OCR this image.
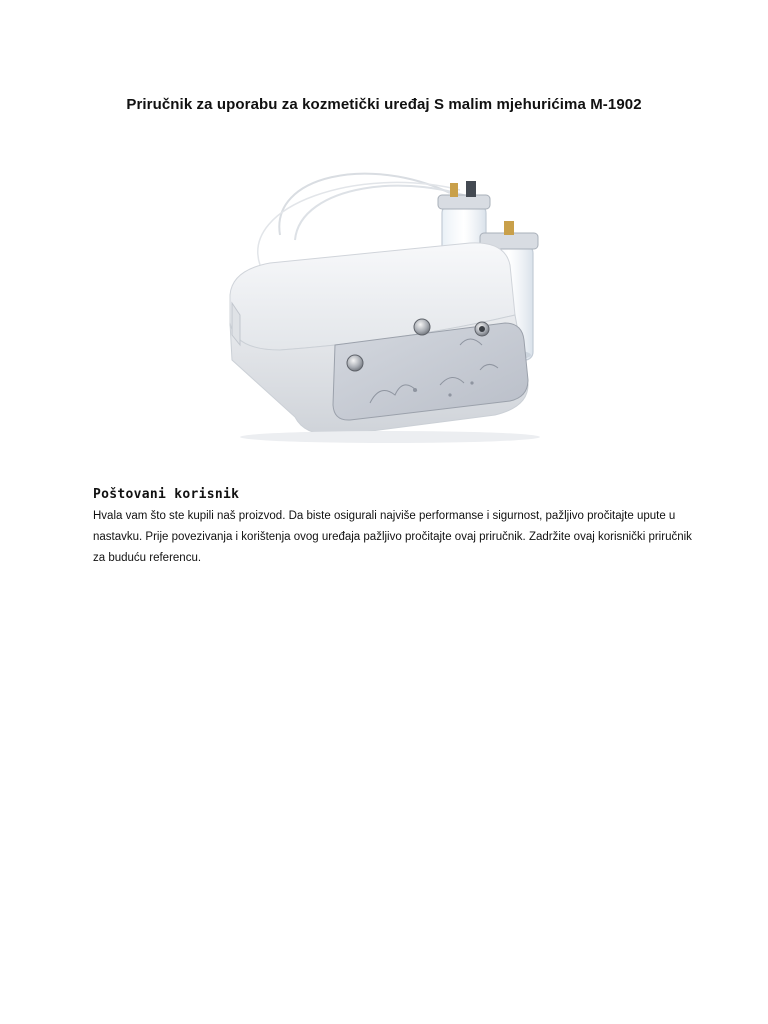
Priručnik za uporabu za kozmetički uređaj S malim mjehurićima M-1902

Poštovani korisnik

Hvala vam što ste kupili naš proizvod. Da biste osigurali najviše performanse i sigurnost, pažljivo pročitajte upute u nastavku. Prije povezivanja i korištenja ovog uređaja pažljivo pročitajte ovaj priručnik. Zadržite ovaj korisnički priručnik za buduću referencu.
